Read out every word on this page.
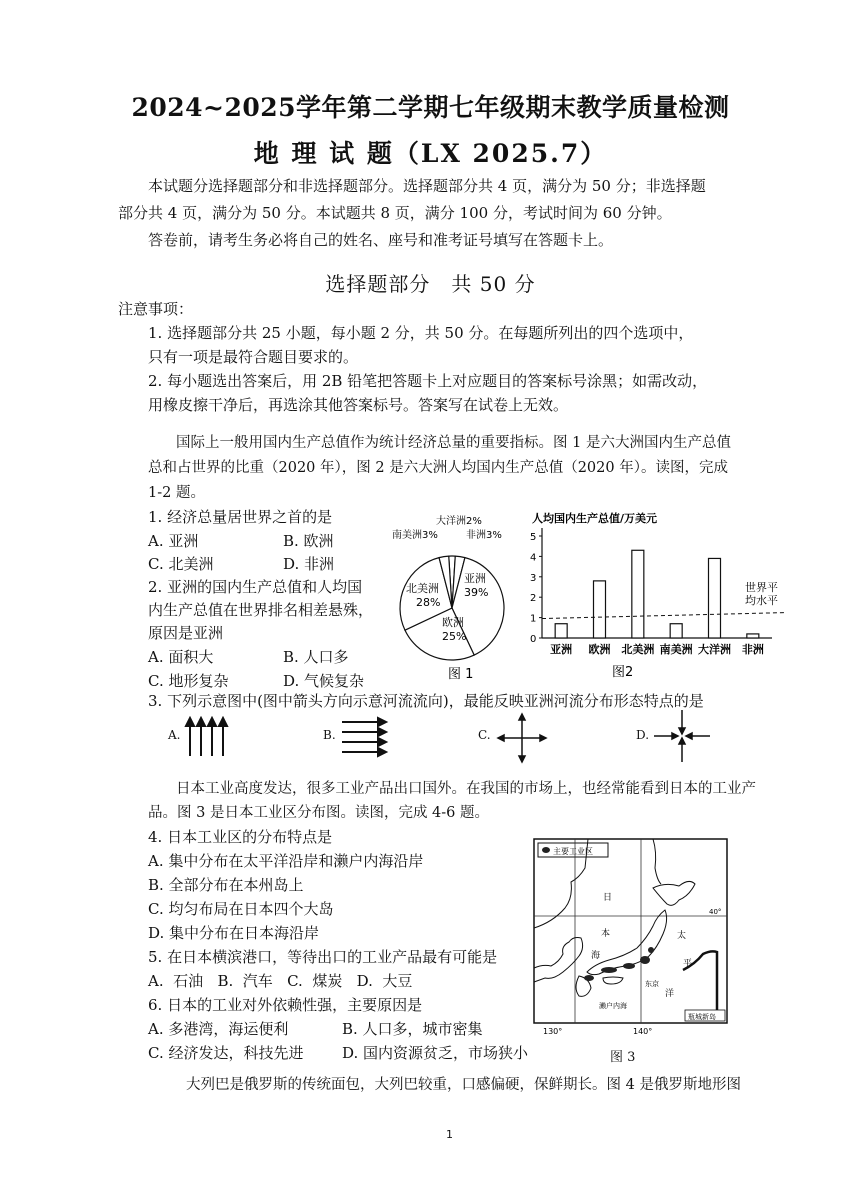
2024~2025学年第二学期七年级期末教学质量检测
地 理 试 题（LX 2025.7）
本试题分选择题部分和非选择题部分。选择题部分共 4 页，满分为 50 分；非选择题
部分共 4 页，满分为 50 分。本试题共 8 页，满分 100 分，考试时间为 60 分钟。
答卷前，请考生务必将自己的姓名、座号和准考证号填写在答题卡上。
选择题部分　共 50 分
注意事项：
1. 选择题部分共 25 小题，每小题 2 分，共 50 分。在每题所列出的四个选项中，
只有一项是最符合题目要求的。
2. 每小题选出答案后，用 2B 铅笔把答题卡上对应题目的答案标号涂黑；如需改动，
用橡皮擦干净后，再选涂其他答案标号。答案写在试卷上无效。
国际上一般用国内生产总值作为统计经济总量的重要指标。图 1 是六大洲国内生产总值
总和占世界的比重（2020 年），图 2 是六大洲人均国内生产总值（2020 年）。读图，完成
1-2 题。
1. 经济总量居世界之首的是
A. 亚洲	B. 欧洲
C. 北美洲	D. 非洲
2. 亚洲的国内生产总值和人均国
内生产总值在世界排名相差悬殊，
原因是亚洲
A. 面积大	B. 人口多
C. 地形复杂	D. 气候复杂
大洋洲2%
南美洲3%	非洲3%
北美洲
28%
亚洲
39%
欧洲
25%
图 1
人均国内生产总值/万美元
5
4
3
2
1
0
亚洲 欧洲 北美洲 南美洲 大洋洲 非洲
世界平
均水平
图2
3. 下列示意图中(图中箭头方向示意河流流向)，最能反映亚洲河流分布形态特点的是
A.	B.	C.	D.
日本工业高度发达，很多工业产品出口国外。在我国的市场上，也经常能看到日本的工业产
品。图 3 是日本工业区分布图。读图，完成 4-6 题。
4. 日本工业区的分布特点是
A. 集中分布在太平洋沿岸和濑户内海沿岸
B. 全部分布在本州岛上
C. 均匀布局在日本四个大岛
D. 集中分布在日本海沿岸
5. 在日本横滨港口，等待出口的工业产品最有可能是
A.  石油   B.  汽车   C.  煤炭   D.  大豆
6. 日本的工业对外依赖性强，主要原因是
A. 多港湾，海运便利	B. 人口多，城市密集
C. 经济发达，科技先进	D. 国内资源贫乏，市场狭小
主要工业区
40°
130°	140°
日
本
海
太
平
洋
东京
濑户内海
瓶城新岛
图 3
大列巴是俄罗斯的传统面包，大列巴较重，口感偏硬，保鲜期长。图 4 是俄罗斯地形图
1
